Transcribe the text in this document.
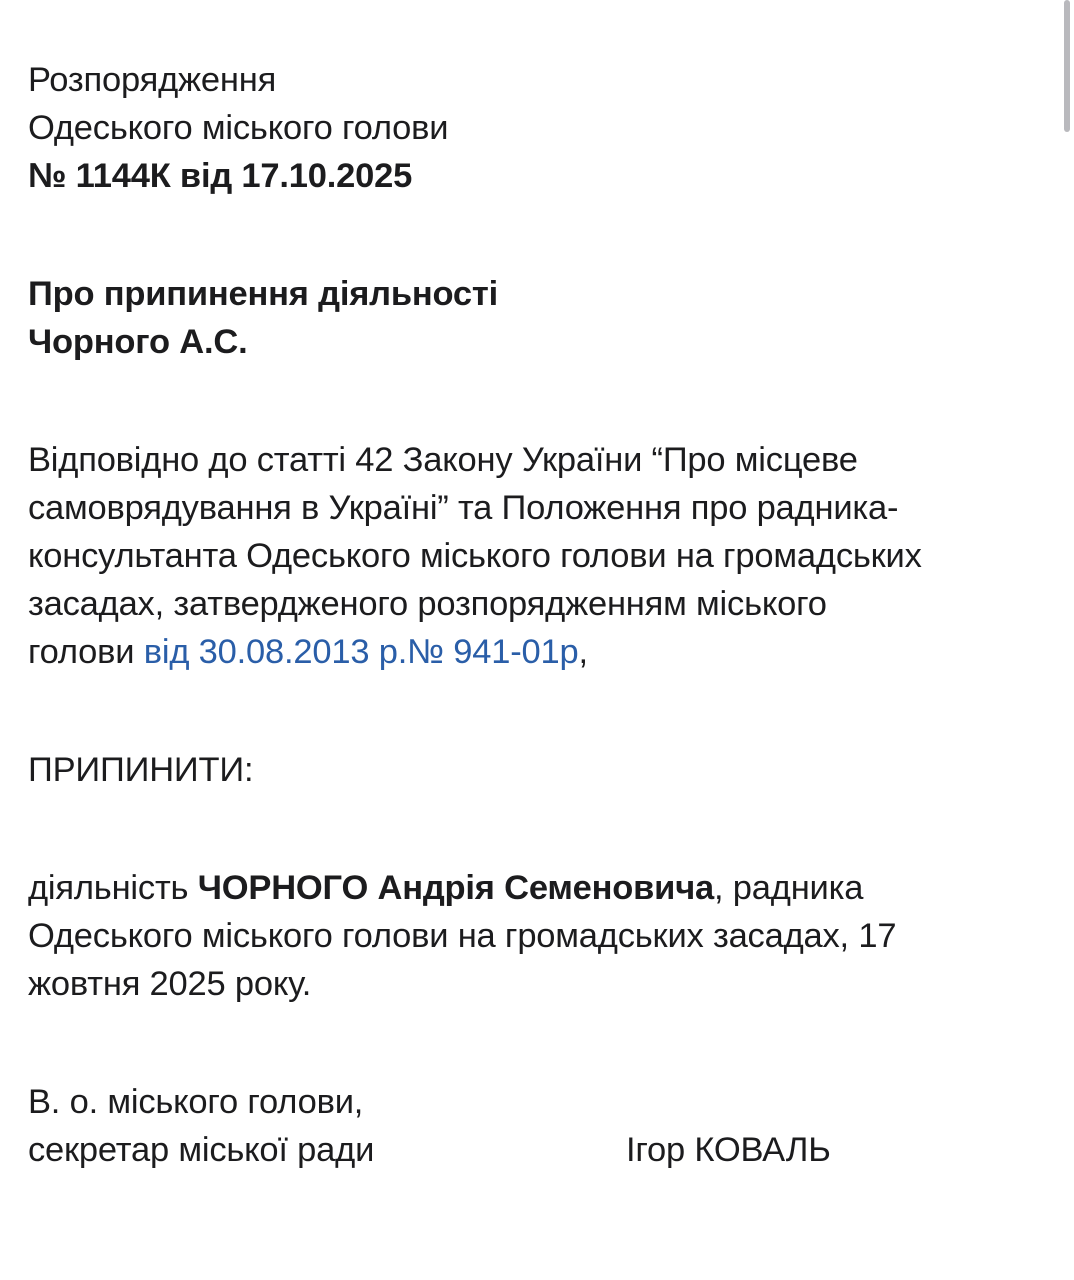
Розпорядження
Одеського міського голови
№ 1144К від 17.10.2025
Про припинення діяльності
Чорного А.С.
Відповідно до статті 42 Закону України “Про місцеве
самоврядування в Україні” та Положення про радника-
консультанта Одеського міського голови на громадських
засадах, затвердженого розпорядженням міського
голови від 30.08.2013 р.№ 941-01р,
ПРИПИНИТИ:
діяльність ЧОРНОГО Андрія Семеновича, радника
Одеського міського голови на громадських засадах, 17
жовтня 2025 року.
В. о. міського голови,
секретар міської ради	Ігор КОВАЛЬ
